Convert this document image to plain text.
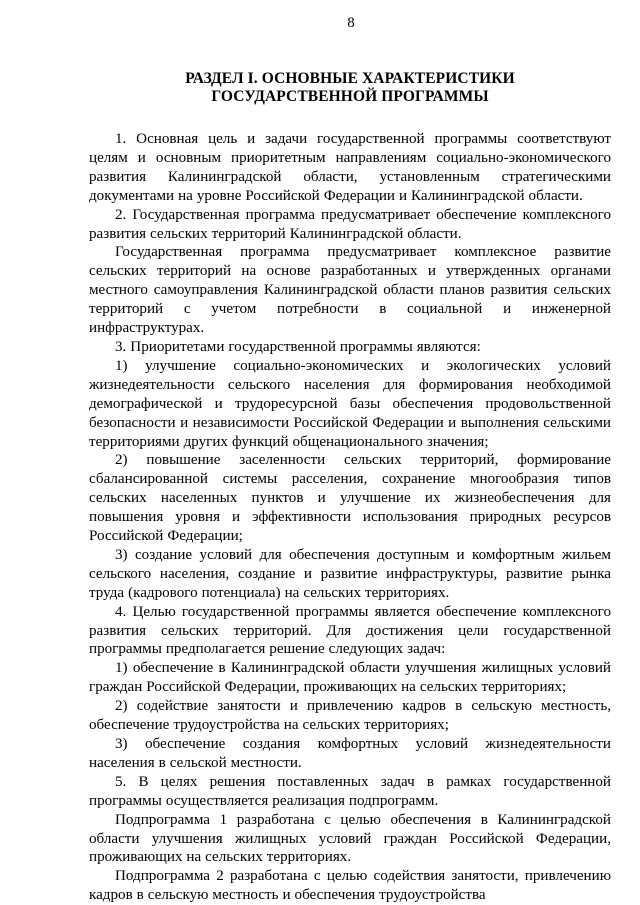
8
РАЗДЕЛ I. ОСНОВНЫЕ ХАРАКТЕРИСТИКИ
ГОСУДАРСТВЕННОЙ ПРОГРАММЫ

1. Основная цель и задачи государственной программы соответствуют целям и основным приоритетным направлениям социально-экономического развития Калининградской области, установленным стратегическими документами на уровне Российской Федерации и Калининградской области.

2. Государственная программа предусматривает обеспечение комплексного развития сельских территорий Калининградской области.

Государственная программа предусматривает комплексное развитие сельских территорий на основе разработанных и утвержденных органами местного самоуправления Калининградской области планов развития сельских территорий с учетом потребности в социальной и инженерной инфраструктурах.

3. Приоритетами государственной программы являются:

1) улучшение социально-экономических и экологических условий жизнедеятельности сельского населения для формирования необходимой демографической и трудоресурсной базы обеспечения продовольственной безопасности и независимости Российской Федерации и выполнения сельскими территориями других функций общенационального значения;

2) повышение заселенности сельских территорий, формирование сбалансированной системы расселения, сохранение многообразия типов сельских населенных пунктов и улучшение их жизнеобеспечения для повышения уровня и эффективности использования природных ресурсов Российской Федерации;

3) создание условий для обеспечения доступным и комфортным жильем сельского населения, создание и развитие инфраструктуры, развитие рынка труда (кадрового потенциала) на сельских территориях.

4. Целью государственной программы является обеспечение комплексного развития сельских территорий. Для достижения цели государственной программы предполагается решение следующих задач:

1) обеспечение в Калининградской области улучшения жилищных условий граждан Российской Федерации, проживающих на сельских территориях;

2) содействие занятости и привлечению кадров в сельскую местность, обеспечение трудоустройства на сельских территориях;

3) обеспечение создания комфортных условий жизнедеятельности населения в сельской местности.

5. В целях решения поставленных задач в рамках государственной программы осуществляется реализация подпрограмм.

Подпрограмма 1 разработана с целью обеспечения в Калининградской области улучшения жилищных условий граждан Российской Федерации, проживающих на сельских территориях.

Подпрограмма 2 разработана с целью содействия занятости, привлечению кадров в сельскую местность и обеспечения трудоустройства
